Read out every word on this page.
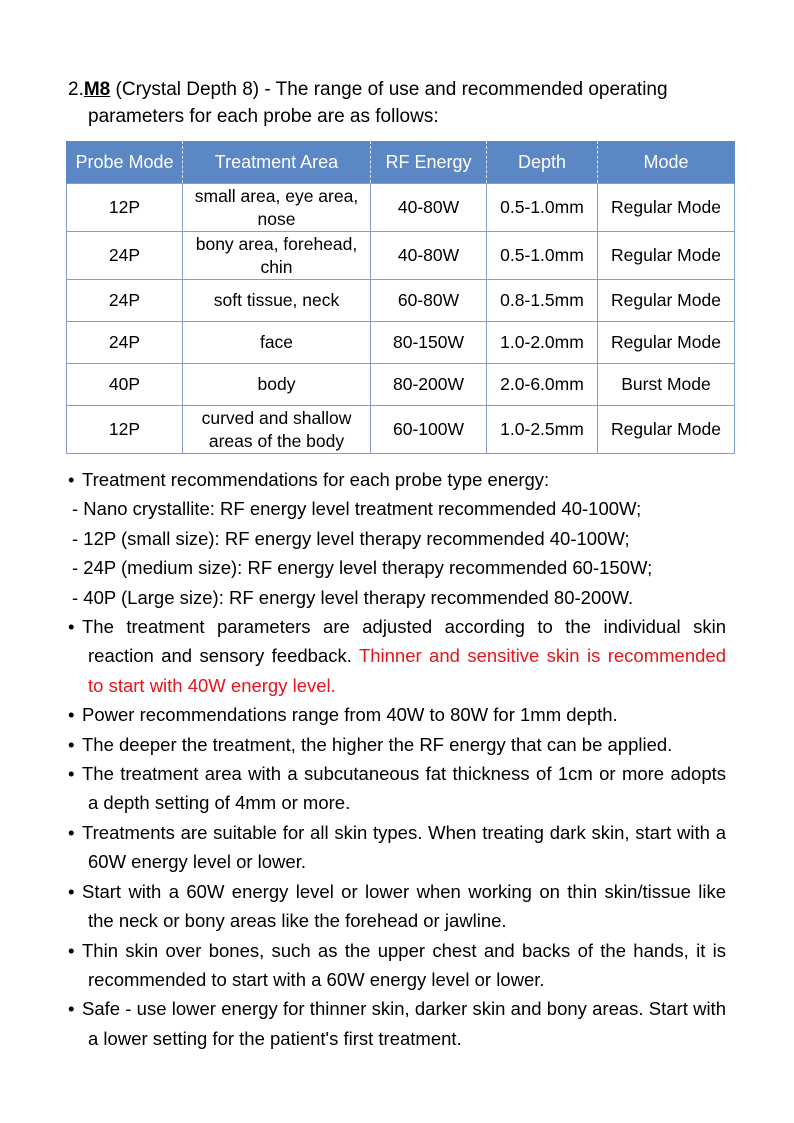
2.M8 (Crystal Depth 8) - The range of use and recommended operating
parameters for each probe are as follows:
Probe Mode	Treatment Area	RF Energy	Depth	Mode
12P	small area, eye area, nose	40-80W	0.5-1.0mm	Regular Mode
24P	bony area, forehead, chin	40-80W	0.5-1.0mm	Regular Mode
24P	soft tissue, neck	60-80W	0.8-1.5mm	Regular Mode
24P	face	80-150W	1.0-2.0mm	Regular Mode
40P	body	80-200W	2.0-6.0mm	Burst Mode
12P	curved and shallow areas of the body	60-100W	1.0-2.5mm	Regular Mode

• Treatment recommendations for each probe type energy:

- Nano crystallite: RF energy level treatment recommended 40-100W;

- 12P (small size): RF energy level therapy recommended 40-100W;

- 24P (medium size): RF energy level therapy recommended 60-150W;

- 40P (Large size): RF energy level therapy recommended 80-200W.

• The treatment parameters are adjusted according to the individual skin reaction and sensory feedback. Thinner and sensitive skin is recommended to start with 40W energy level.

• Power recommendations range from 40W to 80W for 1mm depth.

• The deeper the treatment, the higher the RF energy that can be applied.

• The treatment area with a subcutaneous fat thickness of 1cm or more adopts a depth setting of 4mm or more.

• Treatments are suitable for all skin types. When treating dark skin, start with a 60W energy level or lower.

• Start with a 60W energy level or lower when working on thin skin/tissue like the neck or bony areas like the forehead or jawline.

• Thin skin over bones, such as the upper chest and backs of the hands, it is recommended to start with a 60W energy level or lower.

• Safe - use lower energy for thinner skin, darker skin and bony areas. Start with a lower setting for the patient's first treatment.
